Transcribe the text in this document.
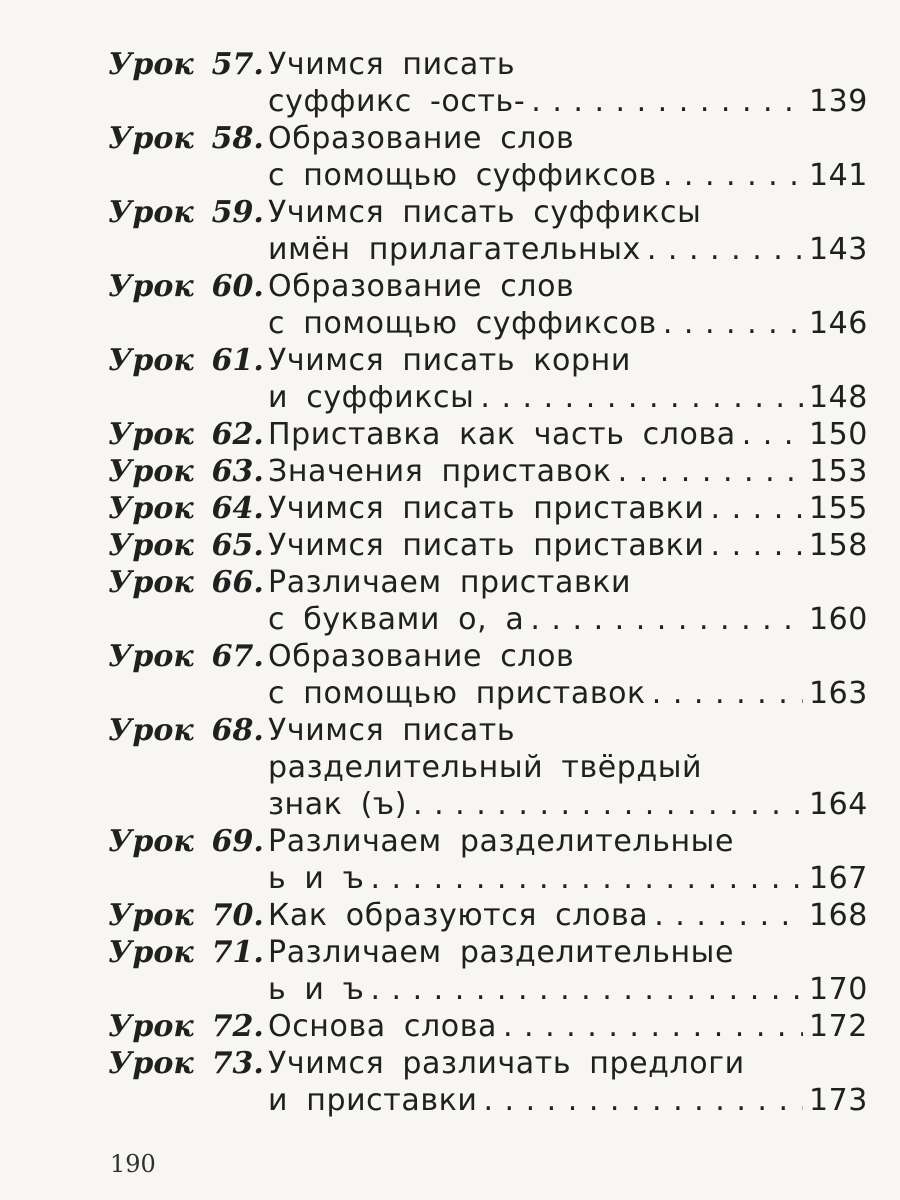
Урок 57. Учимся писать
суффикс -ость- . . .	139
Урок 58. Образование слов
с помощью суффиксов . . .	141
Урок 59. Учимся писать суффиксы
имён прилагательных . . .	143
Урок 60. Образование слов
с помощью суффиксов . . .	146
Урок 61. Учимся писать корни
и суффиксы . . .	148
Урок 62. Приставка как часть слова . . . 150
Урок 63. Значения приставок . . .	153
Урок 64. Учимся писать приставки . . .	155
Урок 65. Учимся писать приставки . . .	158
Урок 66. Различаем приставки
с буквами о, а . . .	160
Урок 67. Образование слов
с помощью приставок . . .	163
Урок 68. Учимся писать
разделительный твёрдый
знак (ъ) . . .	164
Урок 69. Различаем разделительные
ь и ъ . . .	167
Урок 70. Как образуются слова . . .	168
Урок 71. Различаем разделительные
ь и ъ . . .	170
Урок 72. Основа слова . . .	172
Урок 73. Учимся различать предлоги
и приставки . . .	173
190
